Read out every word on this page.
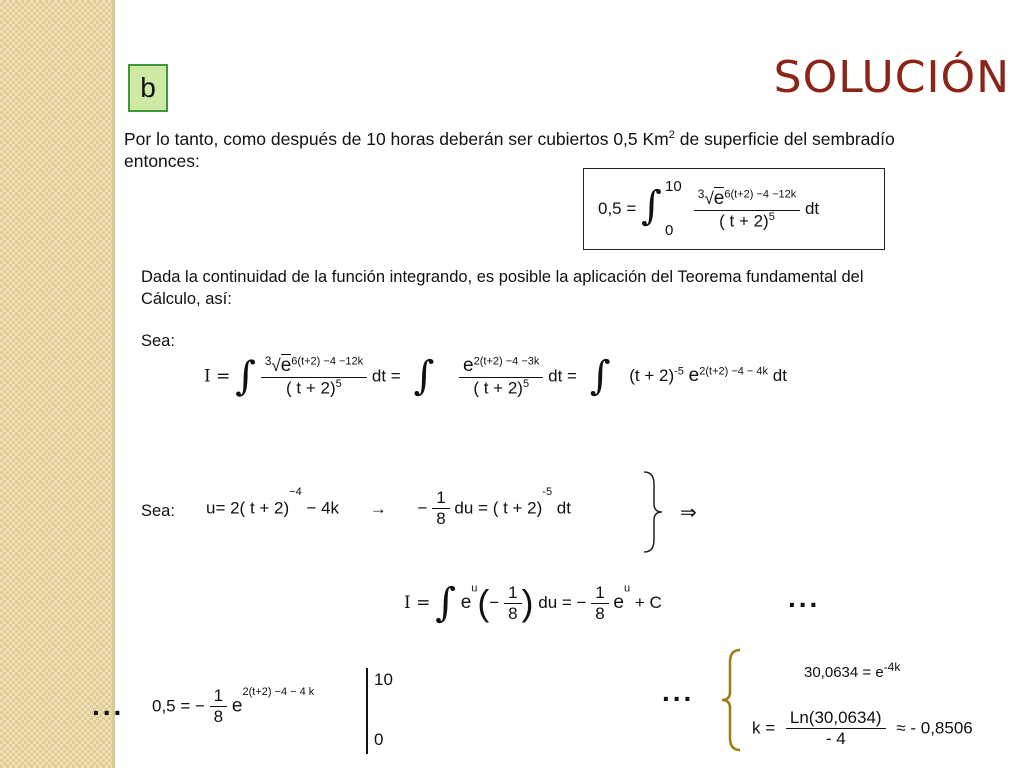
SOLUCIÓN
b
Por lo tanto, como después de 10 horas deberán ser cubiertos 0,5 Km$^2$ de superficie del sembradío
entonces:
0,5 = ∫ 10
0
$\frac{^3√e^{6(t+2) -4 -12k}}{( t + 2)^5}$ dt
Dada la continuidad de la función integrando, es posible la aplicación del Teorema fundamental del
Cálculo, así:
Sea:
I = ∫ $\frac{^3√e^{6(t+2) -4 -12k}}{( t + 2)^5}$ dt = ∫ $\frac{e^{2(t+2) -4 -3k}}{( t + 2)^5}$ dt = ∫ $(t + 2)^{-5}$ $e^{2(t+2) -4 - 4k}$ dt
Sea: u= 2( t + 2)$^{-4}$ − 4k → − $\frac{1}{8}$ du = ( t + 2)$^{-5}$ dt	⇒
I = ∫ $e^u(- \frac{1}{8}$ ) du = − $\frac{1}{8} e^u + C$	...
... 0,5 = − $\frac{1}{8} e^{2(t+2) -4 - 4 k}$
10
0
...
$30,0634 = e^{-4k}$
$k = \frac{Ln(30,0634)}{- 4}$ ≈ - 0,8506
